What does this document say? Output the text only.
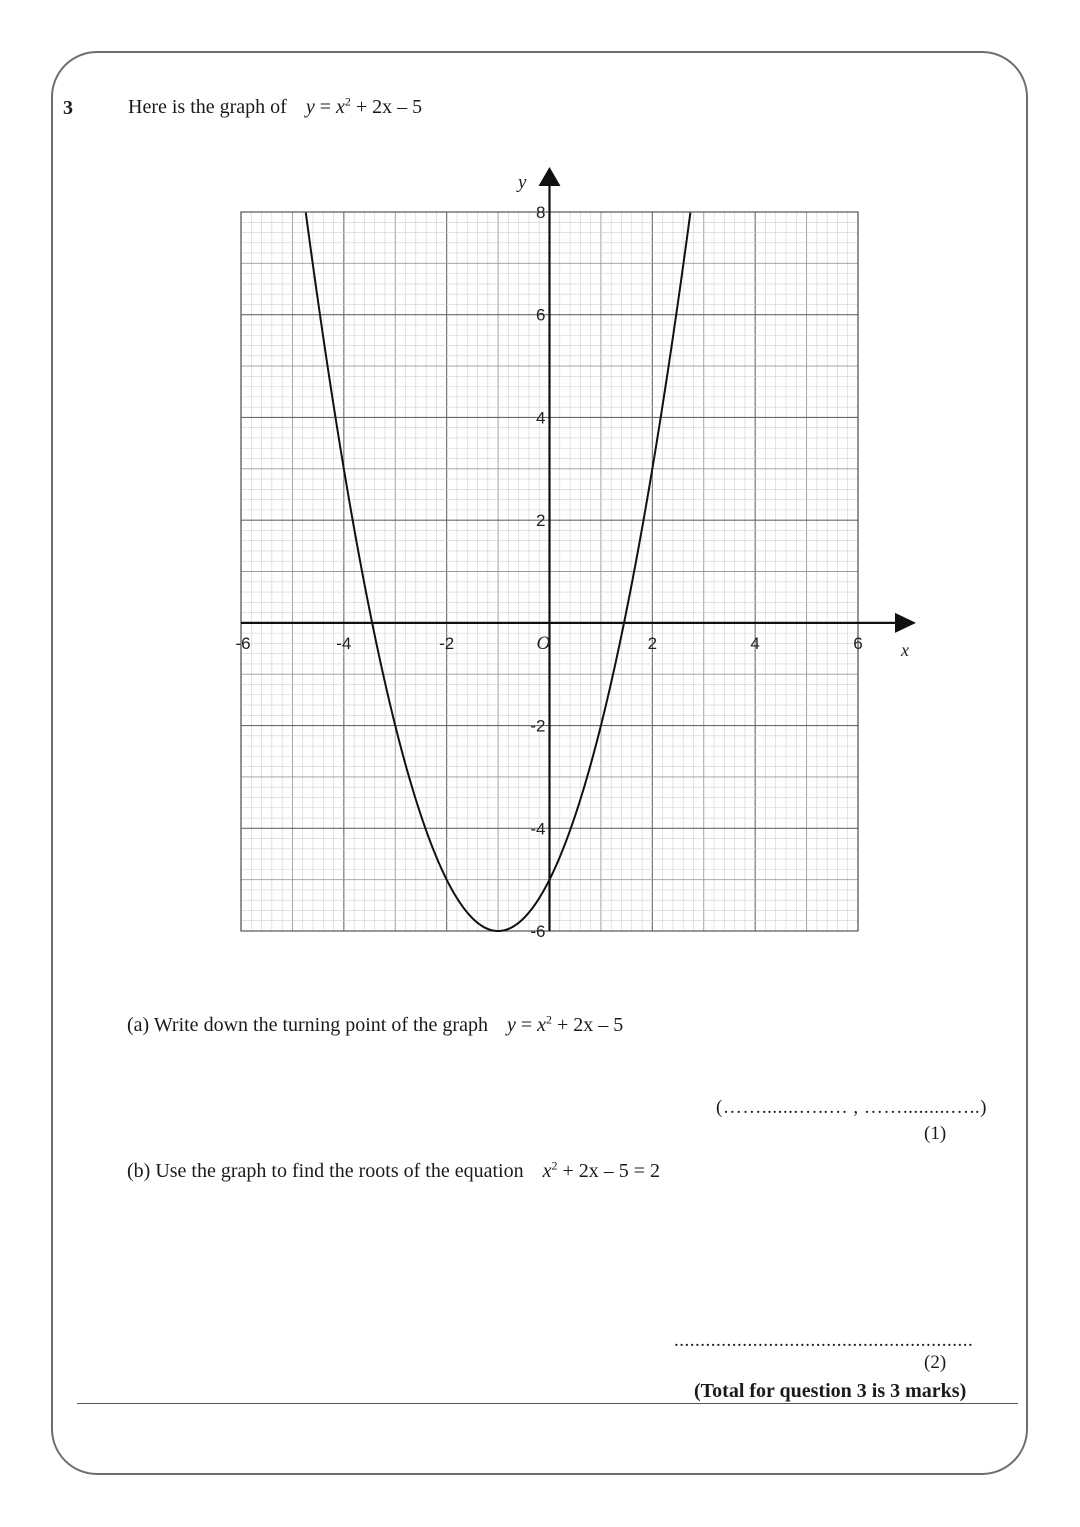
3	Here is the graph of $y = x^2 + 2x - 5$
x
y
O
-6	-4	-2	2	4	6
8
6
4
2
-2
-4
-6
(a) Write down the turning point of the graph $y = x^2 + 2x - 5$
(…….......…..… , …….........…..)
(1)
(b) Use the graph to find the roots of the equation $x^2 + 2x - 5 = 2$
.........................................................
(2)
(Total for question 3 is 3 marks)
